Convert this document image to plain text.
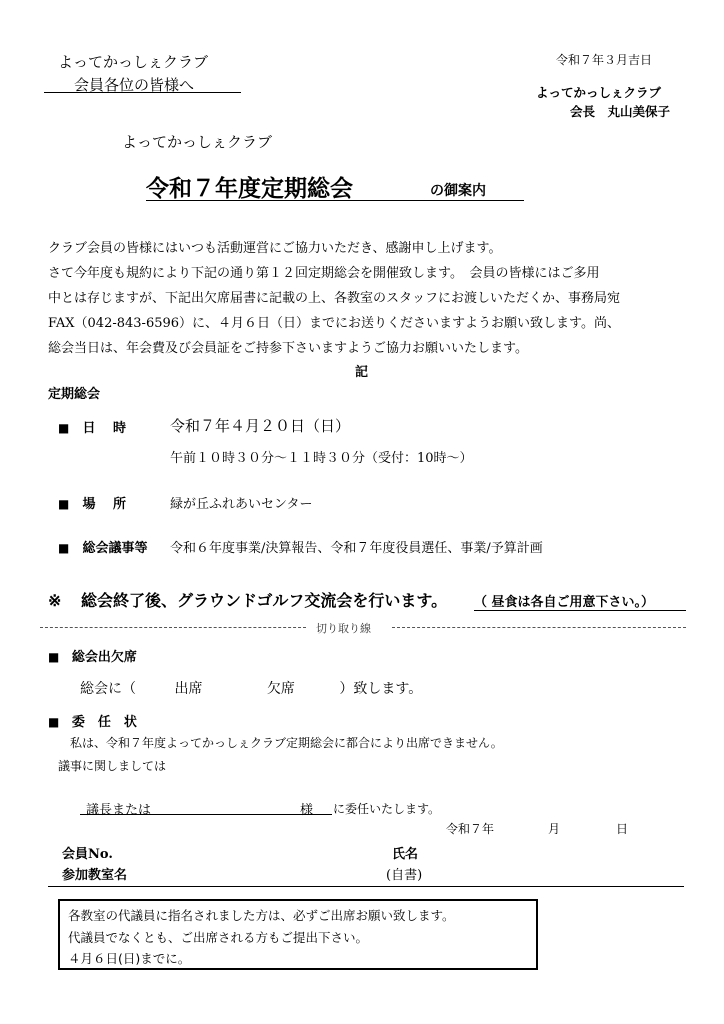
よってかっしぇクラブ
会員各位の皆様へ
令和７年３月吉日
よってかっしぇクラブ
会長　丸山美保子
よってかっしぇクラブ
令和７年度定期総会	の御案内
クラブ会員の皆様にはいつも活動運営にご協力いただき、感謝申し上げます。
さて今年度も規約により下記の通り第１２回定期総会を開催致します。　会員の皆様にはご多用
中とは存じますが、下記出欠席届書に記載の上、各教室のスタッフにお渡しいただくか、事務局宛
FAX（042-843-6596）に、４月６日（日）までにお送りくださいますようお願い致します。尚、
総会当日は、年会費及び会員証をご持参下さいますようご協力お願いいたします。
記
定期総会
■ 日　 時	令和７年４月２０日（日）
午前１０時３０分～１１時３０分（受付：10時～）
■ 場　 所	緑が丘ふれあいセンター
■ 総会議事等 令和６年度事業/決算報告、令和７年度役員選任、事業/予算計画
※ 総会終了後、グラウンドゴルフ交流会を行います。 （ 昼食は各自ご用意下さい。）
切り取り線
■ 総会出欠席
総会に（	出席	欠席	）致します。
■ 委　任　状
私は、令和７年度よってかっしぇクラブ定期総会に都合により出席できません。
議事に関しましては
議長または	様 に委任いたします。
令和７年	月	日
会員No.	氏名
参加教室名	(自書)
各教室の代議員に指名されました方は、必ずご出席お願い致します。
代議員でなくとも、ご出席される方もご提出下さい。
４月６日(日)までに。
